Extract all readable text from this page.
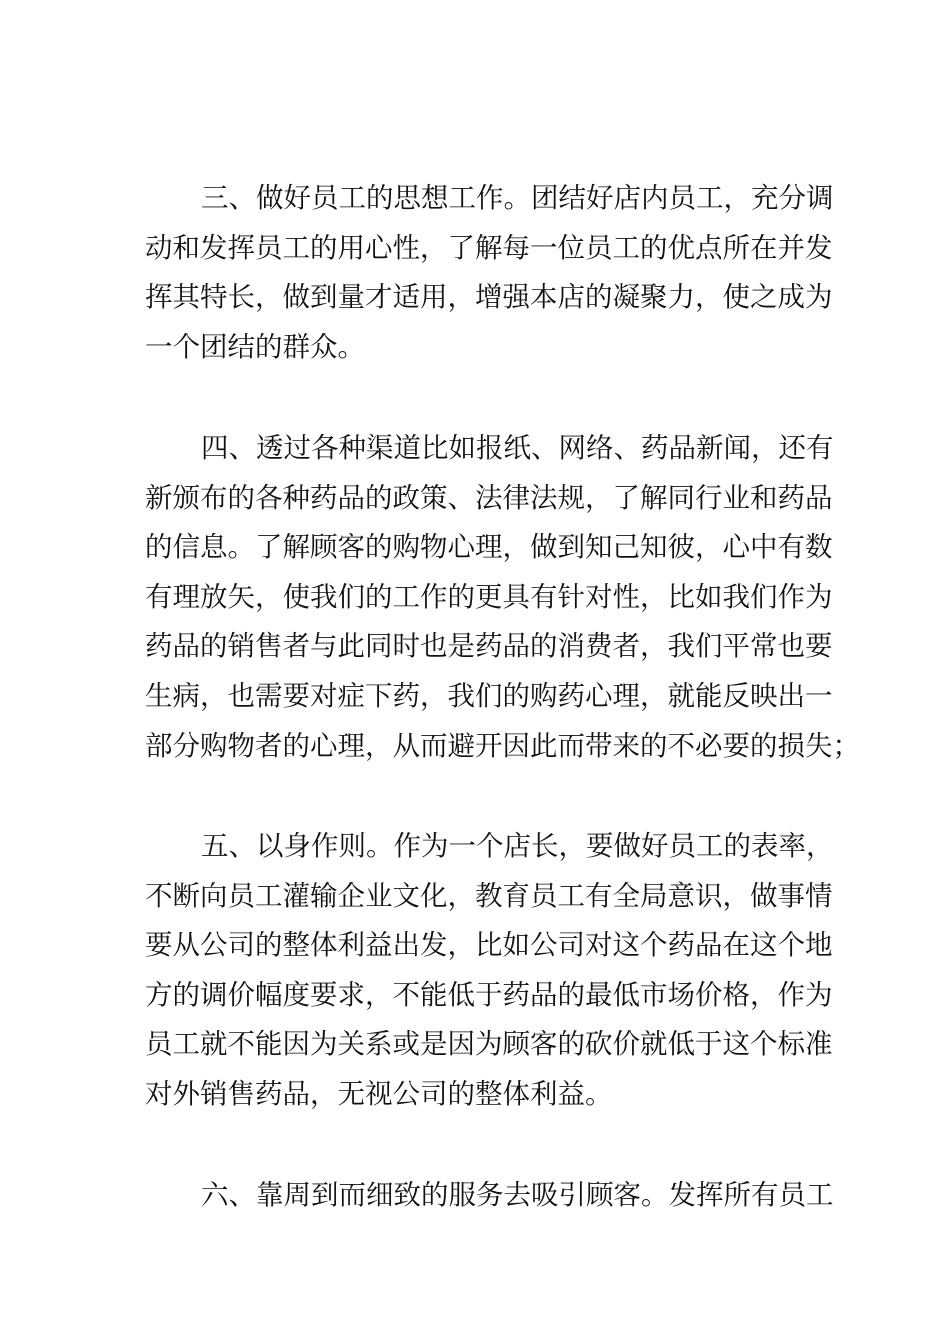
三、做好员工的思想工作。团结好店内员工，充分调
动和发挥员工的用心性，了解每一位员工的优点所在并发
挥其特长，做到量才适用，增强本店的凝聚力，使之成为
一个团结的群众。

四、透过各种渠道比如报纸、网络、药品新闻，还有
新颁布的各种药品的政策、法律法规，了解同行业和药品
的信息。了解顾客的购物心理，做到知己知彼，心中有数
有理放矢，使我们的工作的更具有针对性，比如我们作为
药品的销售者与此同时也是药品的消费者，我们平常也要
生病，也需要对症下药，我们的购药心理，就能反映出一
部分购物者的心理，从而避开因此而带来的不必要的损失；

五、以身作则。作为一个店长，要做好员工的表率，
不断向员工灌输企业文化，教育员工有全局意识，做事情
要从公司的整体利益出发，比如公司对这个药品在这个地
方的调价幅度要求，不能低于药品的最低市场价格，作为
员工就不能因为关系或是因为顾客的砍价就低于这个标准
对外销售药品，无视公司的整体利益。

六、靠周到而细致的服务去吸引顾客。发挥所有员工
